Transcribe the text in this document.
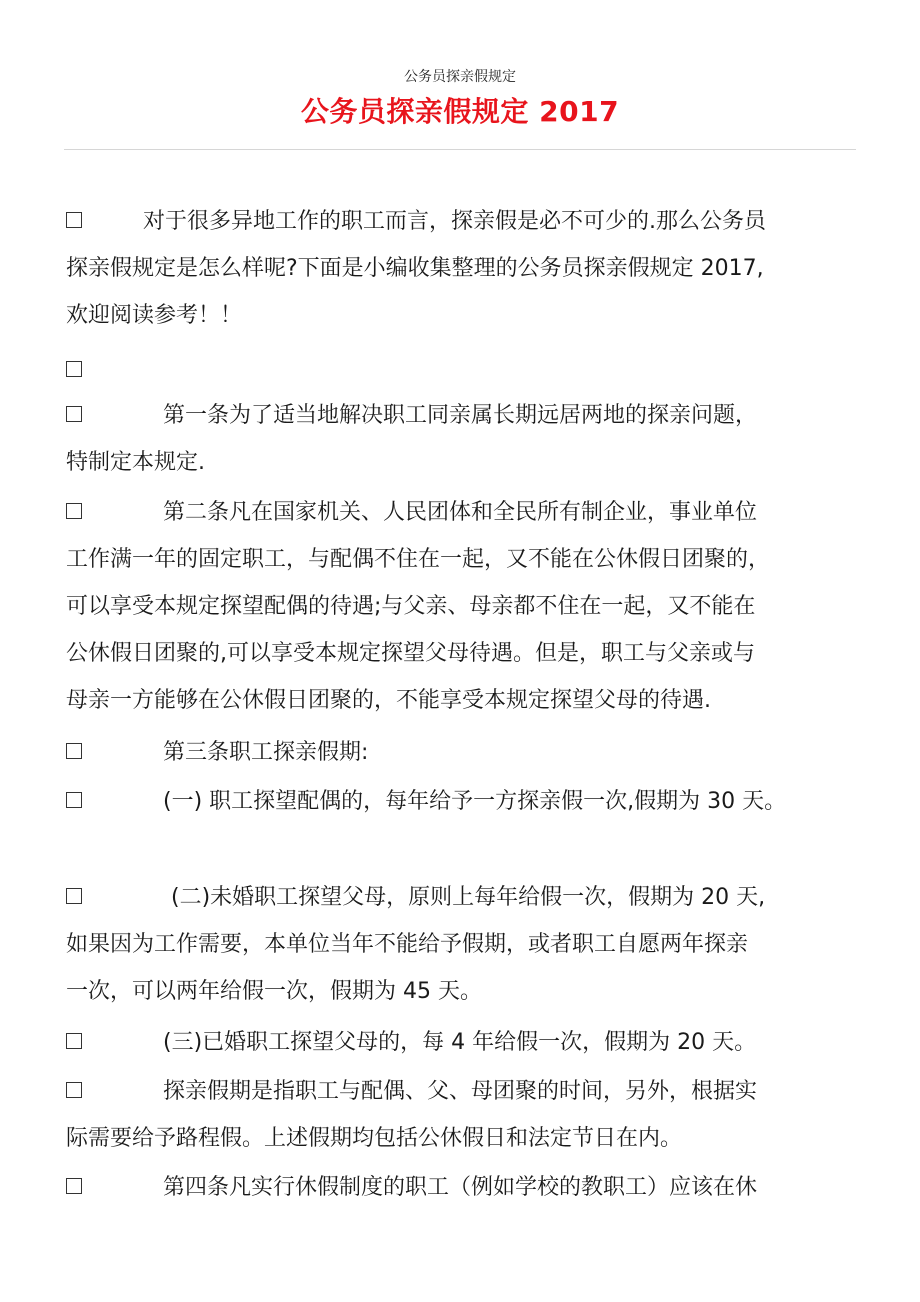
公务员探亲假规定
公务员探亲假规定 2017
对于很多异地工作的职工而言，探亲假是必不可少的.那么公务员
探亲假规定是怎么样呢?下面是小编收集整理的公务员探亲假规定 2017,
欢迎阅读参考！！
第一条为了适当地解决职工同亲属长期远居两地的探亲问题，
特制定本规定.
第二条凡在国家机关、人民团体和全民所有制企业，事业单位
工作满一年的固定职工，与配偶不住在一起，又不能在公休假日团聚的，
可以享受本规定探望配偶的待遇;与父亲、母亲都不住在一起，又不能在
公休假日团聚的,可以享受本规定探望父母待遇。但是，职工与父亲或与
母亲一方能够在公休假日团聚的，不能享受本规定探望父母的待遇.
第三条职工探亲假期:
(一) 职工探望配偶的，每年给予一方探亲假一次,假期为 30 天。
(二)未婚职工探望父母，原则上每年给假一次，假期为 20 天,
如果因为工作需要，本单位当年不能给予假期，或者职工自愿两年探亲
一次，可以两年给假一次，假期为 45 天。
(三)已婚职工探望父母的，每 4 年给假一次，假期为 20 天。
探亲假期是指职工与配偶、父、母团聚的时间，另外，根据实
际需要给予路程假。上述假期均包括公休假日和法定节日在内。
第四条凡实行休假制度的职工（例如学校的教职工）应该在休
